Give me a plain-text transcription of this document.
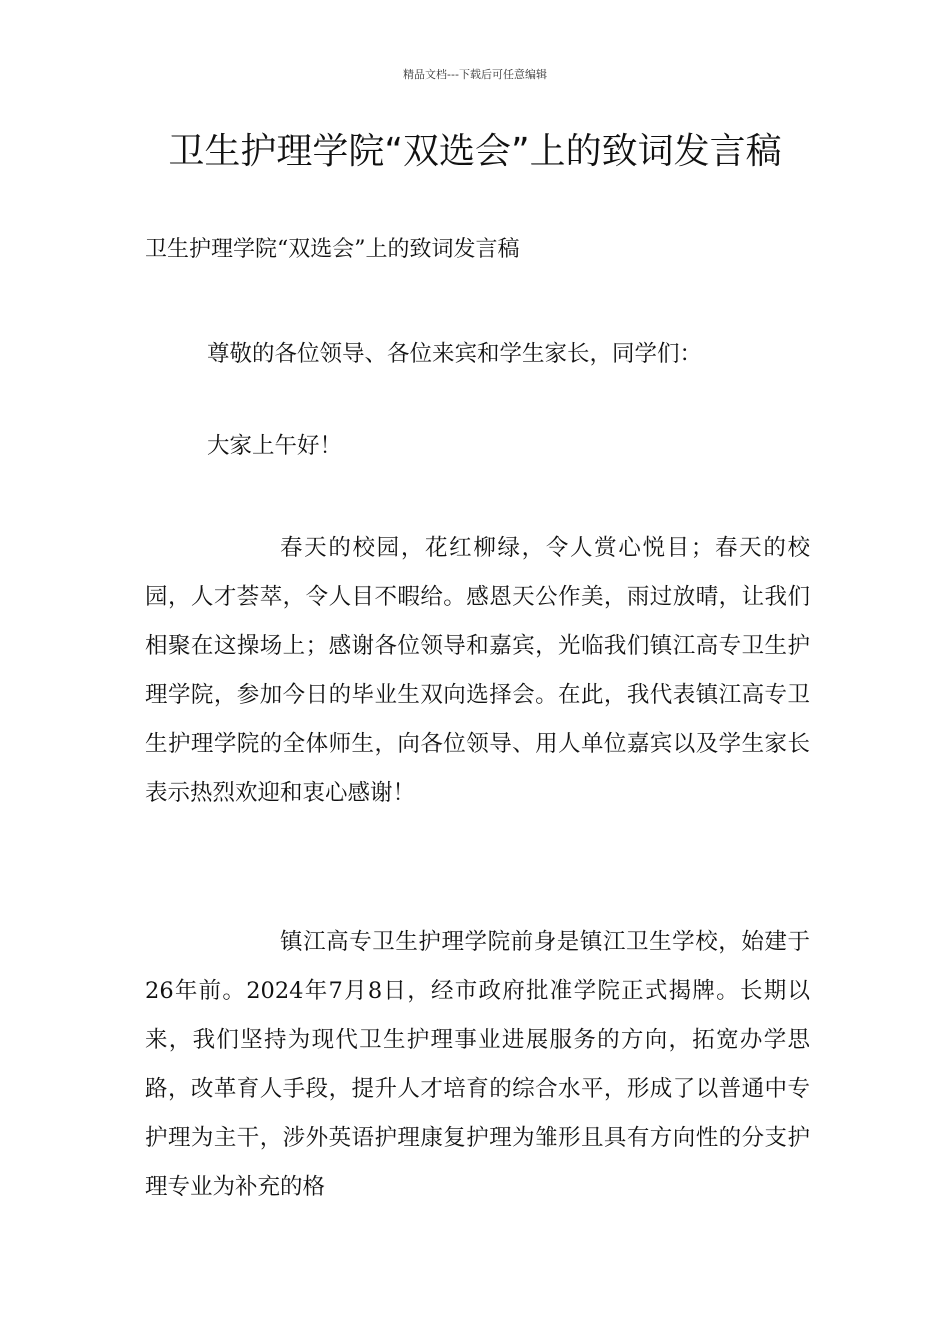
精品文档---下载后可任意编辑
卫生护理学院“双选会”上的致词发言稿

卫生护理学院“双选会”上的致词发言稿

尊敬的各位领导、各位来宾和学生家长，同学们：

大家上午好！

春天的校园，花红柳绿，令人赏心悦目；春天的校园，人才荟萃，令人目不暇给。感恩天公作美，雨过放晴，让我们相聚在这操场上；感谢各位领导和嘉宾，光临我们镇江高专卫生护理学院，参加今日的毕业生双向选择会。在此，我代表镇江高专卫生护理学院的全体师生，向各位领导、用人单位嘉宾以及学生家长表示热烈欢迎和衷心感谢！

镇江高专卫生护理学院前身是镇江卫生学校，始建于 26年前。2024年7月8日，经市政府批准学院正式揭牌。长期以来，我们坚持为现代卫生护理事业进展服务的方向，拓宽办学思路，改革育人手段，提升人才培育的综合水平，形成了以普通中专护理为主干，涉外英语护理康复护理为雏形且具有方向性的分支护理专业为补充的格
